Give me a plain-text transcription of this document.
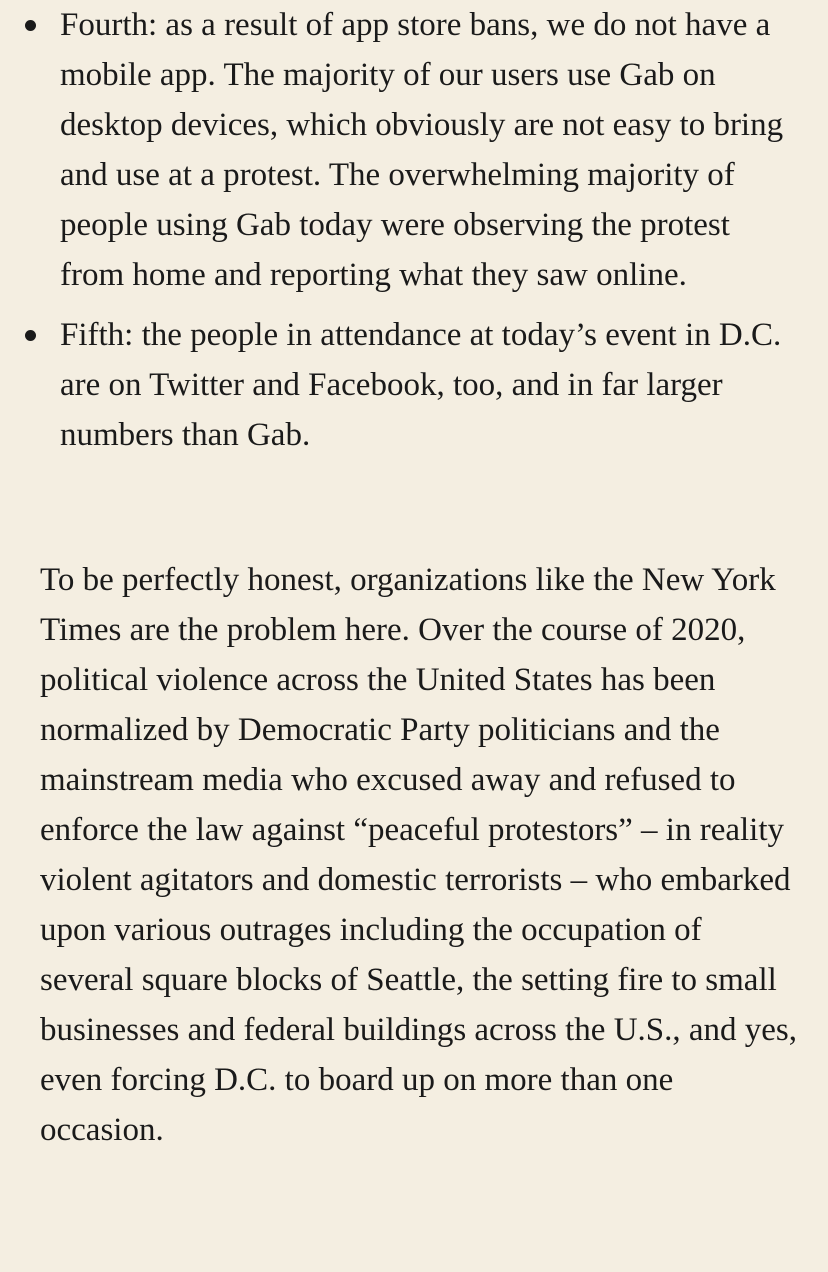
Fourth: as a result of app store bans, we do not have a mobile app. The majority of our users use Gab on desktop devices, which obviously are not easy to bring and use at a protest. The overwhelming majority of people using Gab today were observing the protest from home and reporting what they saw online.
Fifth: the people in attendance at today’s event in D.C. are on Twitter and Facebook, too, and in far larger numbers than Gab.

To be perfectly honest, organizations like the New York Times are the problem here. Over the course of 2020, political violence across the United States has been normalized by Democratic Party politicians and the mainstream media who excused away and refused to enforce the law against “peaceful protestors” – in reality violent agitators and domestic terrorists – who embarked upon various outrages including the occupation of several square blocks of Seattle, the setting fire to small businesses and federal buildings across the U.S., and yes, even forcing D.C. to board up on more than one occasion.
